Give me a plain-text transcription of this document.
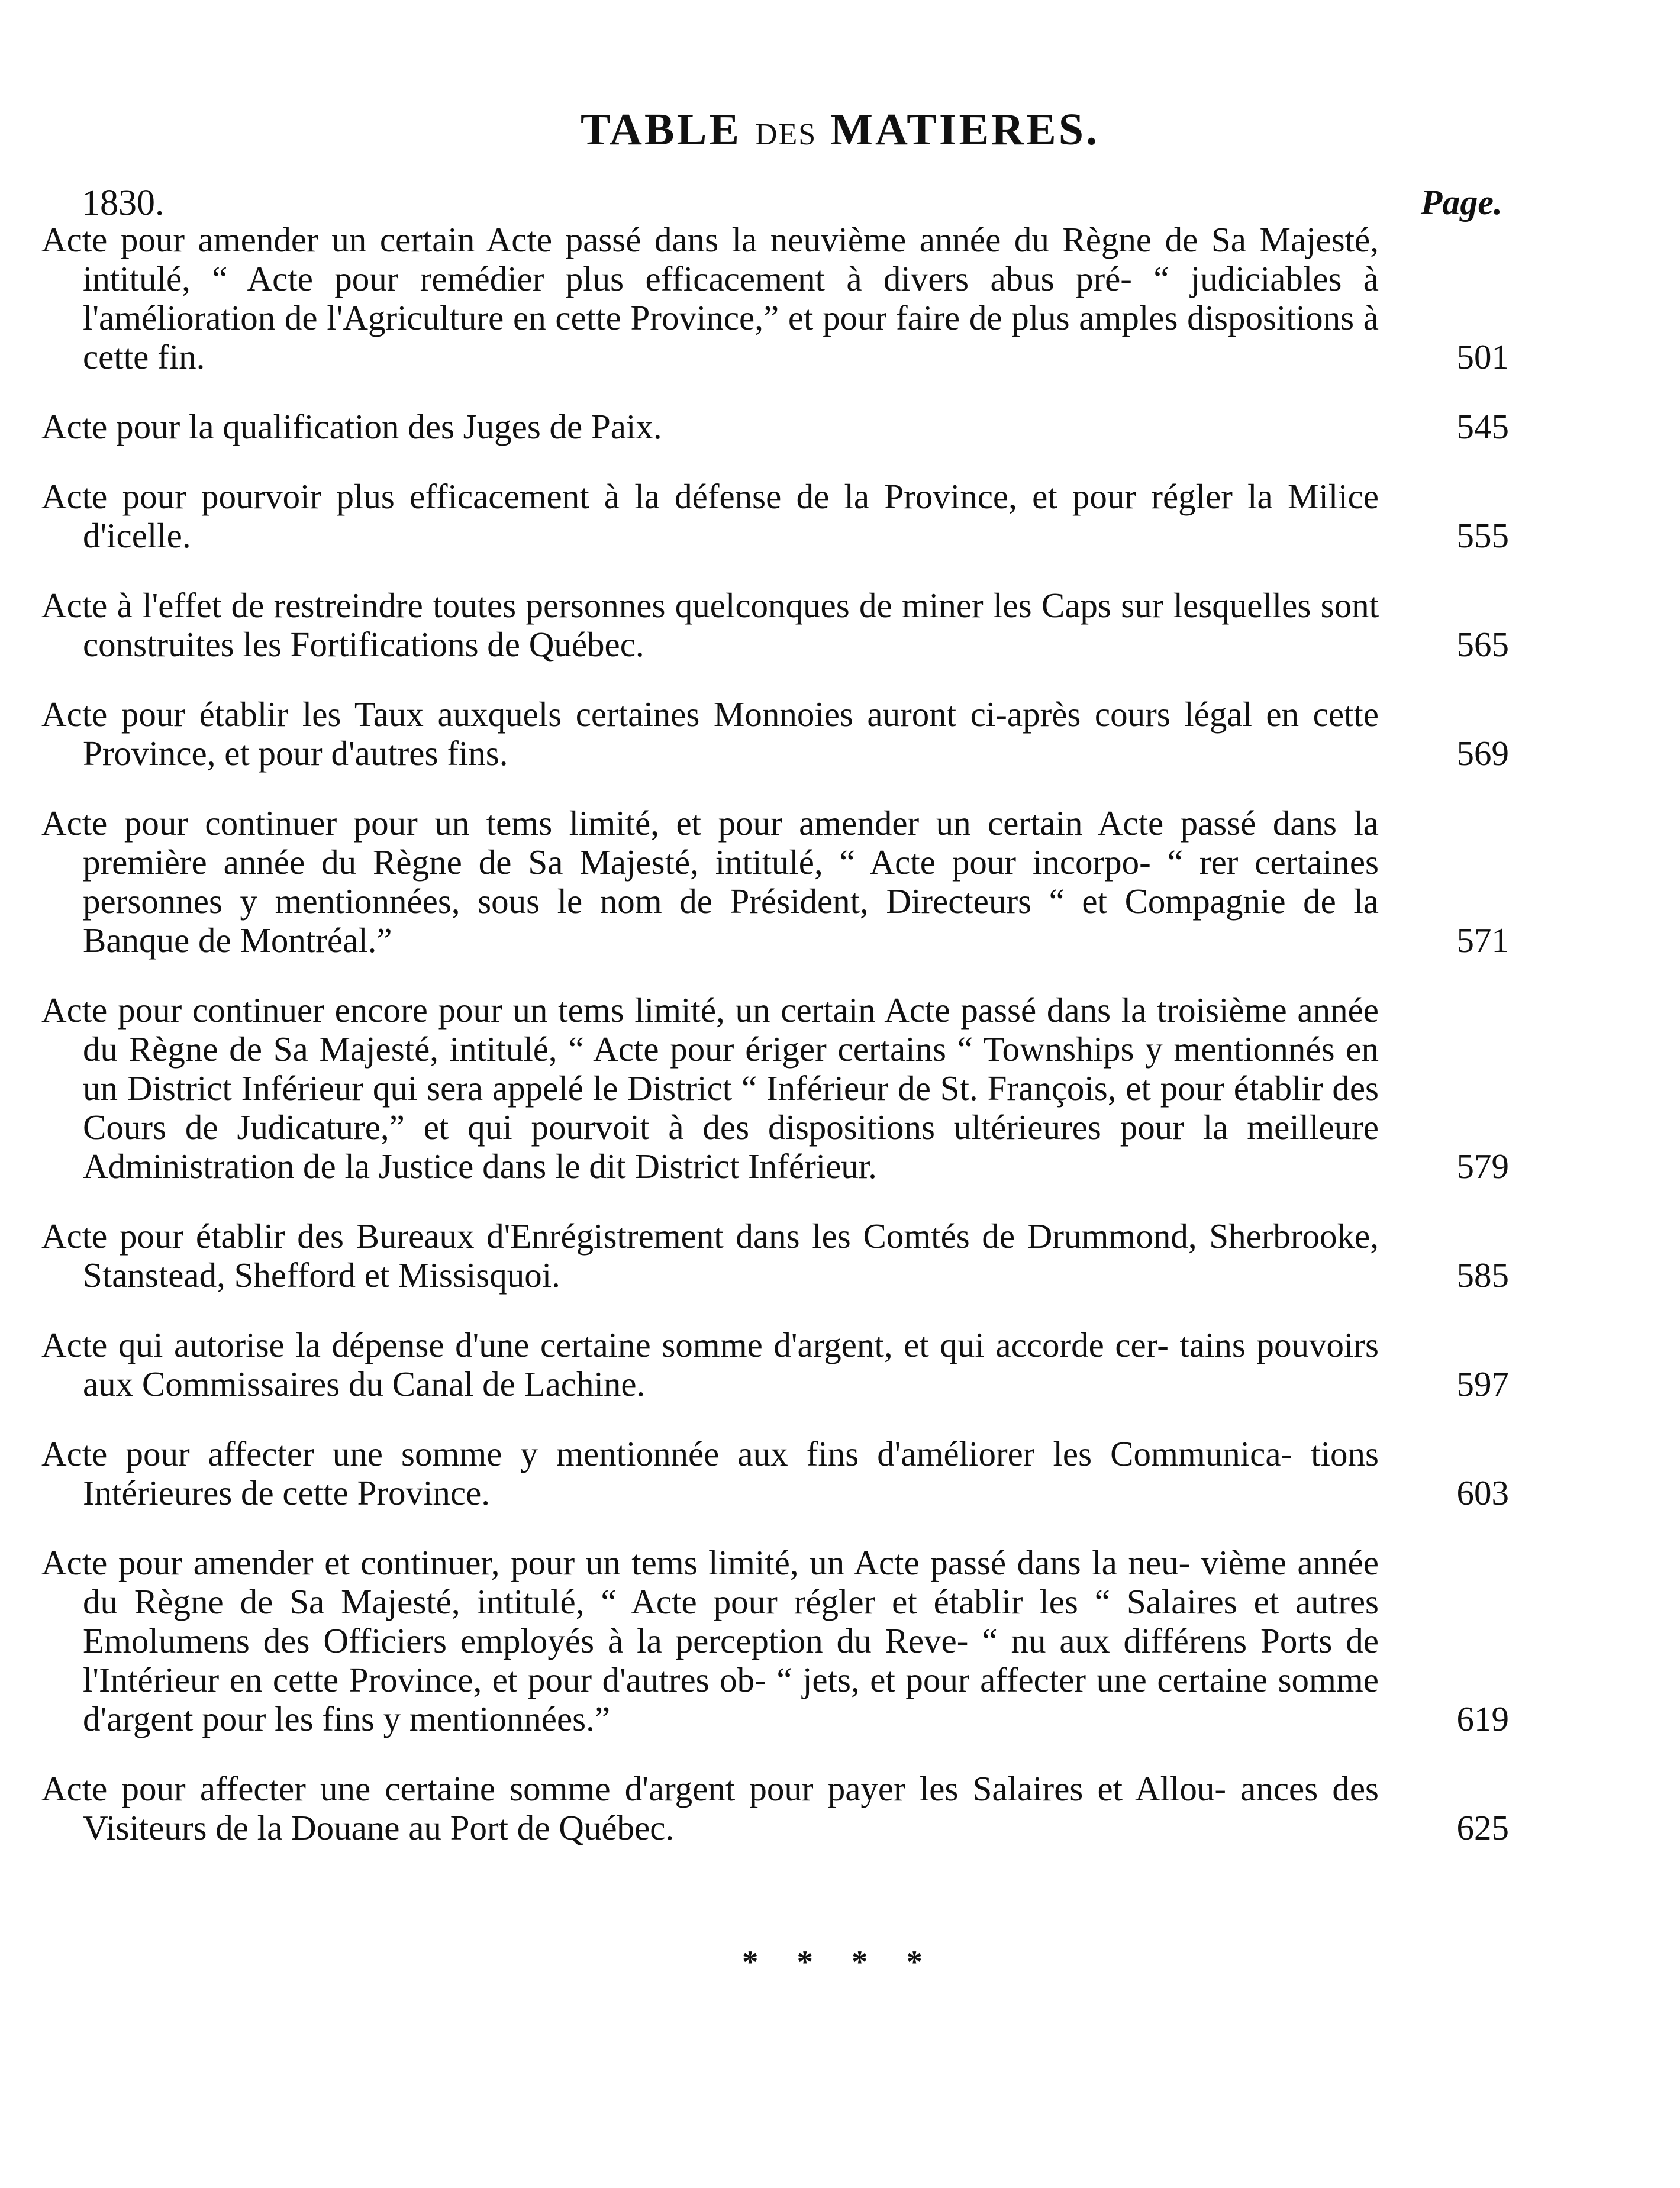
TABLE DES MATIERES.
1830.	Page.
Acte pour amender un certain Acte passé dans la neuvième année du Règne de Sa Majesté, intitulé, “ Acte pour remédier plus efficacement à divers abus pré- “ judiciables à l'amélioration de l'Agriculture en cette Province,” et pour faire de plus amples dispositions à cette fin.	501
Acte pour la qualification des Juges de Paix.	545
Acte pour pourvoir plus efficacement à la défense de la Province, et pour régler la Milice d'icelle.	555
Acte à l'effet de restreindre toutes personnes quelconques de miner les Caps sur lesquelles sont construites les Fortifications de Québec.	565
Acte pour établir les Taux auxquels certaines Monnoies auront ci-après cours légal en cette Province, et pour d'autres fins.	569
Acte pour continuer pour un tems limité, et pour amender un certain Acte passé dans la première année du Règne de Sa Majesté, intitulé, “ Acte pour incorpo- “ rer certaines personnes y mentionnées, sous le nom de Président, Directeurs “ et Compagnie de la Banque de Montréal.”	571
Acte pour continuer encore pour un tems limité, un certain Acte passé dans la troisième année du Règne de Sa Majesté, intitulé, “ Acte pour ériger certains “ Townships y mentionnés en un District Inférieur qui sera appelé le District “ Inférieur de St. François, et pour établir des Cours de Judicature,” et qui pourvoit à des dispositions ultérieures pour la meilleure Administration de la Justice dans le dit District Inférieur.	579
Acte pour établir des Bureaux d'Enrégistrement dans les Comtés de Drummond, Sherbrooke, Stanstead, Shefford et Missisquoi.	585
Acte qui autorise la dépense d'une certaine somme d'argent, et qui accorde cer- tains pouvoirs aux Commissaires du Canal de Lachine.	597
Acte pour affecter une somme y mentionnée aux fins d'améliorer les Communica- tions Intérieures de cette Province.	603
Acte pour amender et continuer, pour un tems limité, un Acte passé dans la neu- vième année du Règne de Sa Majesté, intitulé, “ Acte pour régler et établir les “ Salaires et autres Emolumens des Officiers employés à la perception du Reve- “ nu aux différens Ports de l'Intérieur en cette Province, et pour d'autres ob- “ jets, et pour affecter une certaine somme d'argent pour les fins y mentionnées.”	619
Acte pour affecter une certaine somme d'argent pour payer les Salaires et Allou- ances des Visiteurs de la Douane au Port de Québec.	625
* * * *
